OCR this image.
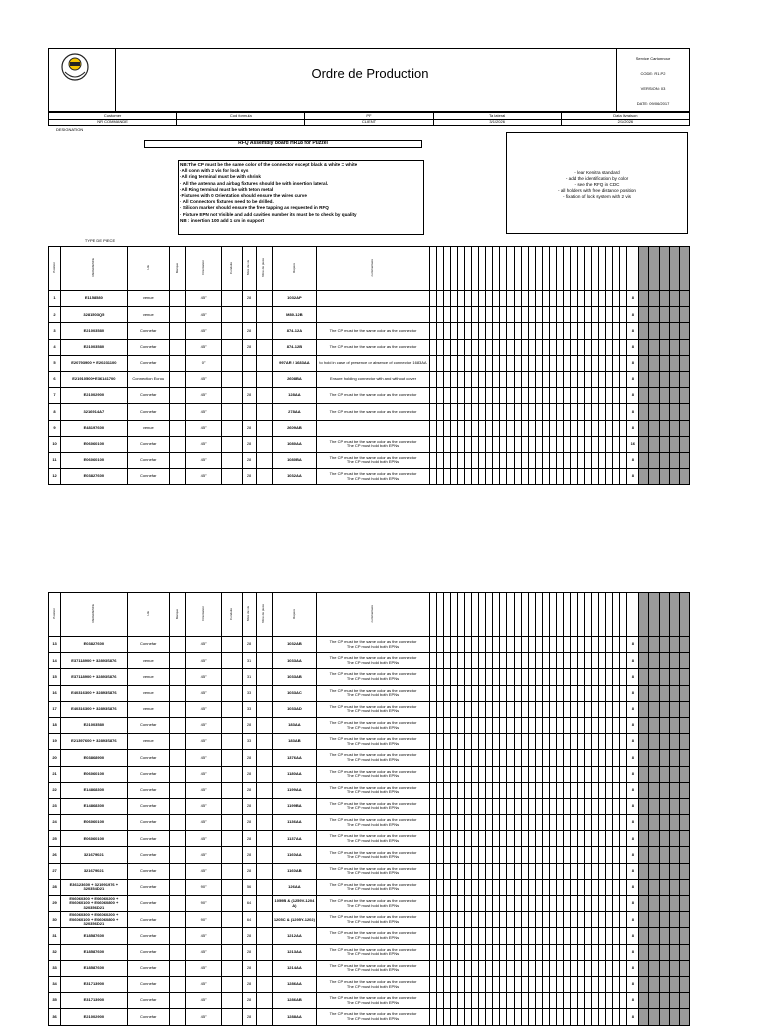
Ordre de Production
Service Cartonnour
CODE: R1.P2
VERSION: 03
DATE: 09/06/2017
Customer	Cod formula	PF	Ta lateral	Data livraison
NR COMMANDE		CLIENT	3/1/2026	2/1/2026
DESIGNATION
RFQ Assembly board HR18 for Puzzel
NB:The CP must be the same color of the connector except black & white = white
·All conn with 2 vis for lock sys
·All ring terminal must be with shrink
· All the antenna and airbag fixtures should be with insertion lateral.
·All Ring terminal must be with teton metal
·Fixtures with 0 Orientation should ensure the wires curve
· All Connectors fixtures need to be drilled.
· Silicon marker should ensure the free tapping as requested in RFQ
· Fixture EPN not Visible and add cavities number its must be to check by quality
NB : insertion 100 add 1 cm in support
- lear Kenitra standard
- add the identification by color
- see the RFQ in CDC
- all holders with free distance position
- fixation of lock system with 2 vis
TYPE DE PIECE
Position	REFERENCE	LIE	Marque	Orientation	Conduite	Nbre de vis	Nbre de piece	Repere	commentaire																																		
1	E1158580	venue		45°		28		1032AP																														8					
2	3281503Q5	venue		45°				M80-12B																														8					
3	E21003580	Connefar		45°		28		874-12A	The CP must be the same color as the connector																													8					
4	E21003580	Connefar		45°		28		874-12B	The CP must be the same color as the connector																													8					
5	E20793900 + E20231100	Connefar		0°				997AR / 1683AA	to hold in case of presence or absence of connector 1683AA																													8					
6	E21910500+E36141700	Connection Ecrou		45°				2608BA	Ensure holding connector with and without cover																													8					
7	E21002900	Connefar		45°		28		128AA	The CP must be the same color as the connector																													8					
8	3216914A7	Connefar		45°				278AA	The CP must be the same color as the connector																													8					
9	E48197600	venue		45°		28		2609AB																														8					
10	E06060100	Connefar		45°		28		1080AA	The CP must be the same color as the connector
The CP must hold both EPNs																													16					
11	E06060100	Connefar		45°		28		1080BA	The CP must be the same color as the connector
The CP must hold both EPNs																													8					
12	E03827600	Connefar		45°		28		1032AA	The CP must be the same color as the connector
The CP must hold both EPNs																													8					
Position	REFERENCE	LIE	Marque	Orientation	Conduite	Nbre de vis	Nbre de piece	Repere	commentaire																																		
13	E03827600	Connefar		45°		28		1032AB	The CP must be the same color as the connector
The CP must hold both EPNs																													8					
14	E37118900 + 32893S876	venue		45°		31		1033AA	The CP must be the same color as the connector
The CP must hold both EPNs																													8					
15	E37118900 + 32893S876	venue		45°		31		1033AB	The CP must be the same color as the connector
The CP must hold both EPNs																													8					
16	E40316300 + 32893S876	venue		45°		33		1033AC	The CP must be the same color as the connector
The CP must hold both EPNs																													8					
17	E40316300 + 32893S876	venue		45°		33		1033AD	The CP must be the same color as the connector
The CP must hold both EPNs																													8					
18	E21003580	Connefar		45°		28		183AA	The CP must be the same color as the connector
The CP must hold both EPNs																													8					
19	E21397600 + 32893S876	venue		45°		33		183AB	The CP must be the same color as the connector
The CP must hold both EPNs																													8					
20	E03868900	Connefar		45°		28		1376AA	The CP must be the same color as the connector
The CP must hold both EPNs																													8					
21	E06060100	Connefar		45°		28		1180AA	The CP must be the same color as the connector
The CP must hold both EPNs																													8					
22	E14868300	Connefar		45°		28		1199AA	The CP must be the same color as the connector
The CP must hold both EPNs																													8					
23	E14868300	Connefar		45°		28		1199BA	The CP must be the same color as the connector
The CP must hold both EPNs																													8					
24	E06060100	Connefar		45°		28		1136AA	The CP must be the same color as the connector
The CP must hold both EPNs																													8					
25	E06060100	Connefar		45°		28		1137AA	The CP must be the same color as the connector
The CP must hold both EPNs																													8					
26	321679021	Connefar		45°		28		1160AA	The CP must be the same color as the connector
The CP must hold both EPNs																													8					
27	321679021	Connefar		45°		28		1160AB	The CP must be the same color as the connector
The CP must hold both EPNs																													8					
28	E36123600 + 321991976 + 320354D21	Connefar		90°		56		126AA	The CP must be the same color as the connector
The CP must hold both EPNs																													8					
29	E06060300 + E06060200 + E06060100 + E06060800 + 320356D21	Connefar		90°		64		1059B & (1259V-1204 A)	The CP must be the same color as the connector
The CP must hold both EPNs																													8					
30	E06060300 + E06060200 + E06060100 + E06060800 + 320356D21	Connefar		90°		64		1205C & (1295Y-1202)	The CP must be the same color as the connector
The CP must hold both EPNs																													8					
31	E18587600	Connefar		45°		28		1212AA	The CP must be the same color as the connector
The CP must hold both EPNs																													8					
32	E18587600	Connefar		45°		28		1213AA	The CP must be the same color as the connector
The CP must hold both EPNs																													8					
33	E18587600	Connefar		45°		28		1214AA	The CP must be the same color as the connector
The CP must hold both EPNs																													8					
34	E31713900	Connefar		45°		28		1286AA	The CP must be the same color as the connector
The CP must hold both EPNs																													8					
35	E31713900	Connefar		45°		28		1286AB	The CP must be the same color as the connector
The CP must hold both EPNs																													8					
36	E21002900	Connefar		45°		28		1288AA	The CP must be the same color as the connector
The CP must hold both EPNs																													8					
